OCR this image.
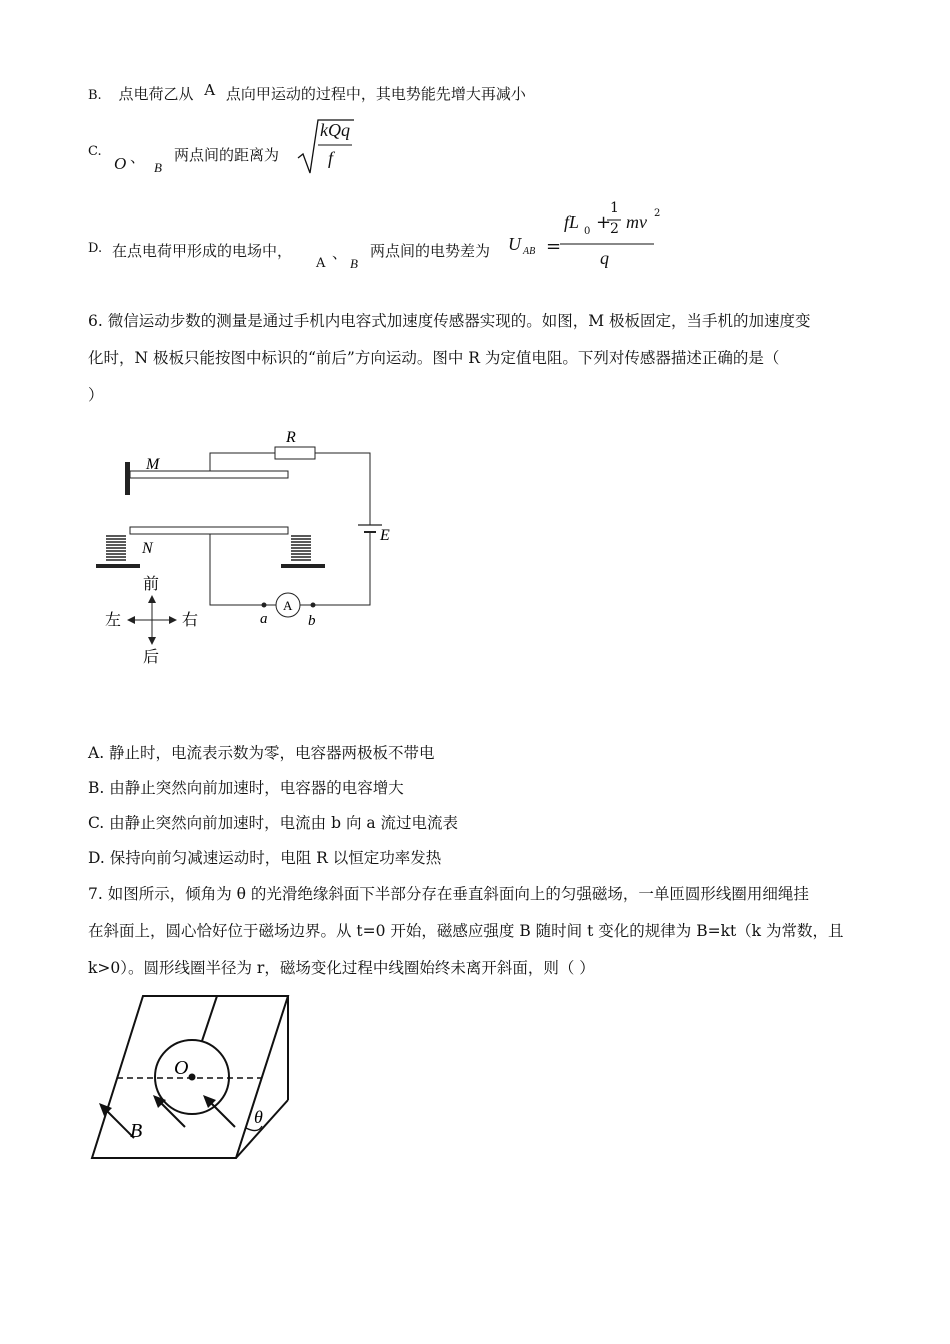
B. 点电荷乙从 A 点向甲运动的过程中，其电势能先增大再减小
C.
O 、
B
两点间的距离为
kQq
f
D. 在点电荷甲形成的电场中，
A
、
B
两点间的电势差为 U AB =
fL 0 +
1
2 mv 2
q
6. 微信运动步数的测量是通过手机内电容式加速度传感器实现的。如图，M 极板固定，当手机的加速度变
化时，N 极板只能按图中标识的“前后”方向运动。图中 R 为定值电阻。下列对传感器描述正确的是（
）
R
M
N
E
A
a	b
前
后
左	右
A. 静止时，电流表示数为零，电容器两极板不带电
B. 由静止突然向前加速时，电容器的电容增大
C. 由静止突然向前加速时，电流由 b 向 a 流过电流表
D. 保持向前匀减速运动时，电阻 R 以恒定功率发热
7. 如图所示，倾角为 θ 的光滑绝缘斜面下半部分存在垂直斜面向上的匀强磁场，一单匝圆形线圈用细绳挂
在斜面上，圆心恰好位于磁场边界。从 t=0 开始，磁感应强度 B 随时间 t 变化的规律为 B=kt（k 为常数，且
k>0）。圆形线圈半径为 r，磁场变化过程中线圈始终未离开斜面，则（ ）
O
B
θ
